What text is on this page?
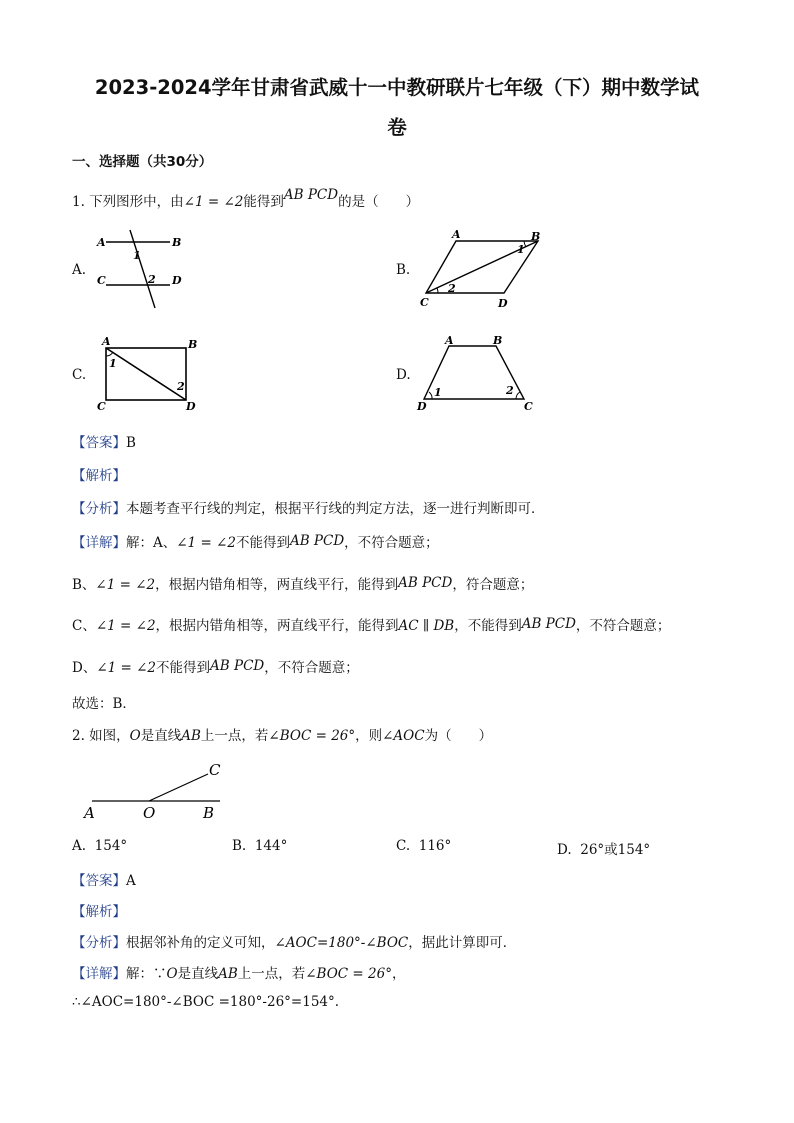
2023-2024学年甘肃省武威十一中教研联片七年级（下）期中数学试
卷
一、选择题（共30分）
1. 下列图形中，由∠1 = ∠2能得到AB PCD的是（　　）
A.	B.
C.	D.
A	B
C	D
1
2
A	B
C	D
1
2
A	B
C	D
1
2
A	B
C
D
1	2
【答案】B
【解析】
【分析】本题考查平行线的判定，根据平行线的判定方法，逐一进行判断即可．
【详解】解：A、∠1 = ∠2不能得到AB PCD，不符合题意；
B、∠1 = ∠2，根据内错角相等，两直线平行，能得到AB PCD，符合题意；
C、∠1 = ∠2，根据内错角相等，两直线平行，能得到AC ∥ DB，不能得到AB PCD，不符合题意；
D、∠1 = ∠2不能得到AB PCD，不符合题意；
故选：B．
2. 如图，O是直线AB上一点，若∠BOC = 26°，则∠AOC为（　　）
A	O	B
C
A. 154°	B. 144°	C. 116°	D. 26°或154°
【答案】A
【解析】
【分析】根据邻补角的定义可知，∠AOC=180°-∠BOC，据此计算即可．
【详解】解：∵O是直线AB上一点，若∠BOC = 26°，
∴∠AOC=180°-∠BOC =180°-26°=154°.
